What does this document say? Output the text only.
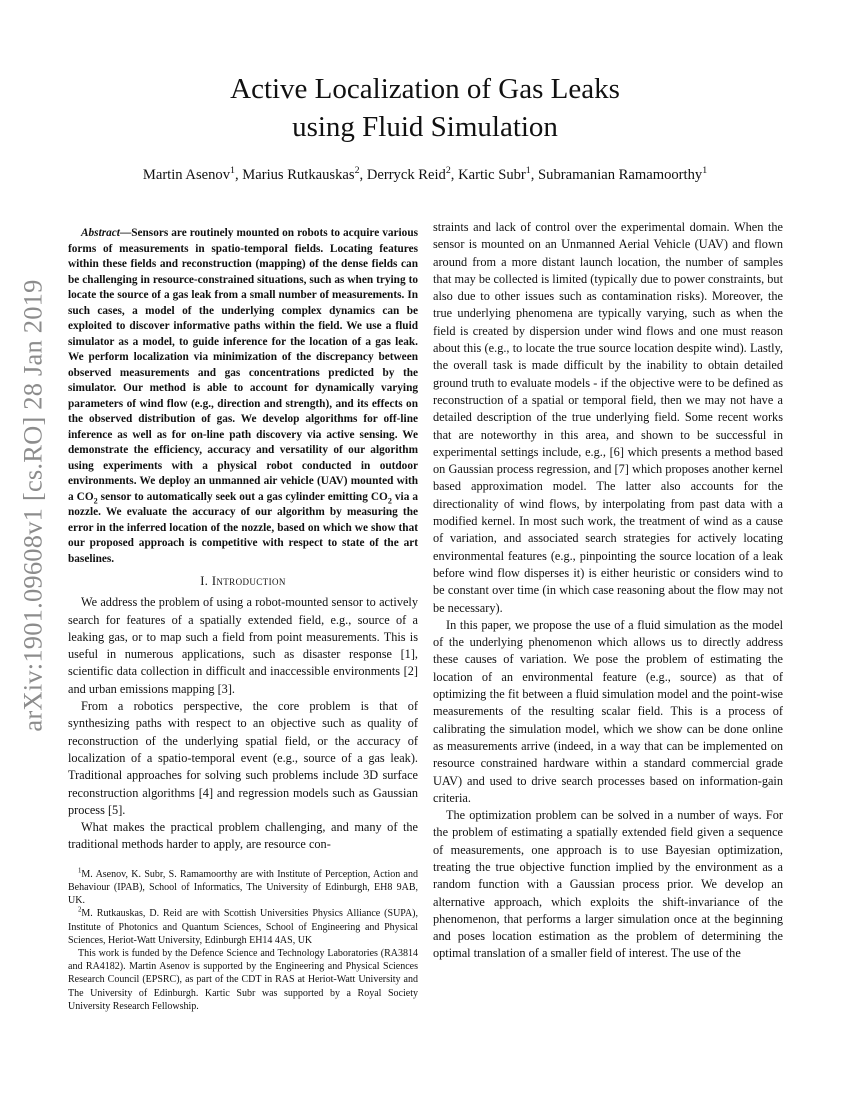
arXiv:1901.09608v1 [cs.RO] 28 Jan 2019
Active Localization of Gas Leaks
using Fluid Simulation
Martin Asenov$^1$, Marius Rutkauskas$^2$, Derryck Reid$^2$, Kartic Subr$^1$, Subramanian Ramamoorthy$^1$

Abstract—Sensors are routinely mounted on robots to acquire various forms of measurements in spatio-temporal fields. Locating features within these fields and reconstruction (mapping) of the dense fields can be challenging in resource-constrained situations, such as when trying to locate the source of a gas leak from a small number of measurements. In such cases, a model of the underlying complex dynamics can be exploited to discover informative paths within the field. We use a fluid simulator as a model, to guide inference for the location of a gas leak. We perform localization via minimization of the discrepancy between observed measurements and gas concentrations predicted by the simulator. Our method is able to account for dynamically varying parameters of wind flow (e.g., direction and strength), and its effects on the observed distribution of gas. We develop algorithms for off-line inference as well as for on-line path discovery via active sensing. We demonstrate the efficiency, accuracy and versatility of our algorithm using experiments with a physical robot conducted in outdoor environments. We deploy an unmanned air vehicle (UAV) mounted with a $CO_2$ sensor to automatically seek out a gas cylinder emitting $CO_2$ via a nozzle. We evaluate the accuracy of our algorithm by measuring the error in the inferred location of the nozzle, based on which we show that our proposed approach is competitive with respect to state of the art baselines.

I. Introduction

We address the problem of using a robot-mounted sensor to actively search for features of a spatially extended field, e.g., source of a leaking gas, or to map such a field from point measurements. This is useful in numerous applications, such as disaster response [1], scientific data collection in difficult and inaccessible environments [2] and urban emissions mapping [3].

From a robotics perspective, the core problem is that of synthesizing paths with respect to an objective such as quality of reconstruction of the underlying spatial field, or the accuracy of localization of a spatio-temporal event (e.g., source of a gas leak). Traditional approaches for solving such problems include 3D surface reconstruction algorithms [4] and regression models such as Gaussian process [5].

What makes the practical problem challenging, and many of the traditional methods harder to apply, are resource con-

$^1$M. Asenov, K. Subr, S. Ramamoorthy are with Institute of Perception, Action and Behaviour (IPAB), School of Informatics, The University of Edinburgh, EH8 9AB, UK.

$^2$M. Rutkauskas, D. Reid are with Scottish Universities Physics Alliance (SUPA), Institute of Photonics and Quantum Sciences, School of Engineering and Physical Sciences, Heriot-Watt University, Edinburgh EH14 4AS, UK

This work is funded by the Defence Science and Technology Laboratories (RA3814 and RA4182). Martin Asenov is supported by the Engineering and Physical Sciences Research Council (EPSRC), as part of the CDT in RAS at Heriot-Watt University and The University of Edinburgh. Kartic Subr was supported by a Royal Society University Research Fellowship.

straints and lack of control over the experimental domain. When the sensor is mounted on an Unmanned Aerial Vehicle (UAV) and flown around from a more distant launch location, the number of samples that may be collected is limited (typically due to power constraints, but also due to other issues such as contamination risks). Moreover, the true underlying phenomena are typically varying, such as when the field is created by dispersion under wind flows and one must reason about this (e.g., to locate the true source location despite wind). Lastly, the overall task is made difficult by the inability to obtain detailed ground truth to evaluate models - if the objective were to be defined as reconstruction of a spatial or temporal field, then we may not have a detailed description of the true underlying field. Some recent works that are noteworthy in this area, and shown to be successful in experimental settings include, e.g., [6] which presents a method based on Gaussian process regression, and [7] which proposes another kernel based approximation model. The latter also accounts for the directionality of wind flows, by interpolating from past data with a modified kernel. In most such work, the treatment of wind as a cause of variation, and associated search strategies for actively locating environmental features (e.g., pinpointing the source location of a leak before wind flow disperses it) is either heuristic or considers wind to be constant over time (in which case reasoning about the flow may not be necessary).

In this paper, we propose the use of a fluid simulation as the model of the underlying phenomenon which allows us to directly address these causes of variation. We pose the problem of estimating the location of an environmental feature (e.g., source) as that of optimizing the fit between a fluid simulation model and the point-wise measurements of the resulting scalar field. This is a process of calibrating the simulation model, which we show can be done online as measurements arrive (indeed, in a way that can be implemented on resource constrained hardware within a standard commercial grade UAV) and used to drive search processes based on information-gain criteria.

The optimization problem can be solved in a number of ways. For the problem of estimating a spatially extended field given a sequence of measurements, one approach is to use Bayesian optimization, treating the true objective function implied by the environment as a random function with a Gaussian process prior. We develop an alternative approach, which exploits the shift-invariance of the phenomenon, that performs a larger simulation once at the beginning and poses location estimation as the problem of determining the optimal translation of a smaller field of interest. The use of the
